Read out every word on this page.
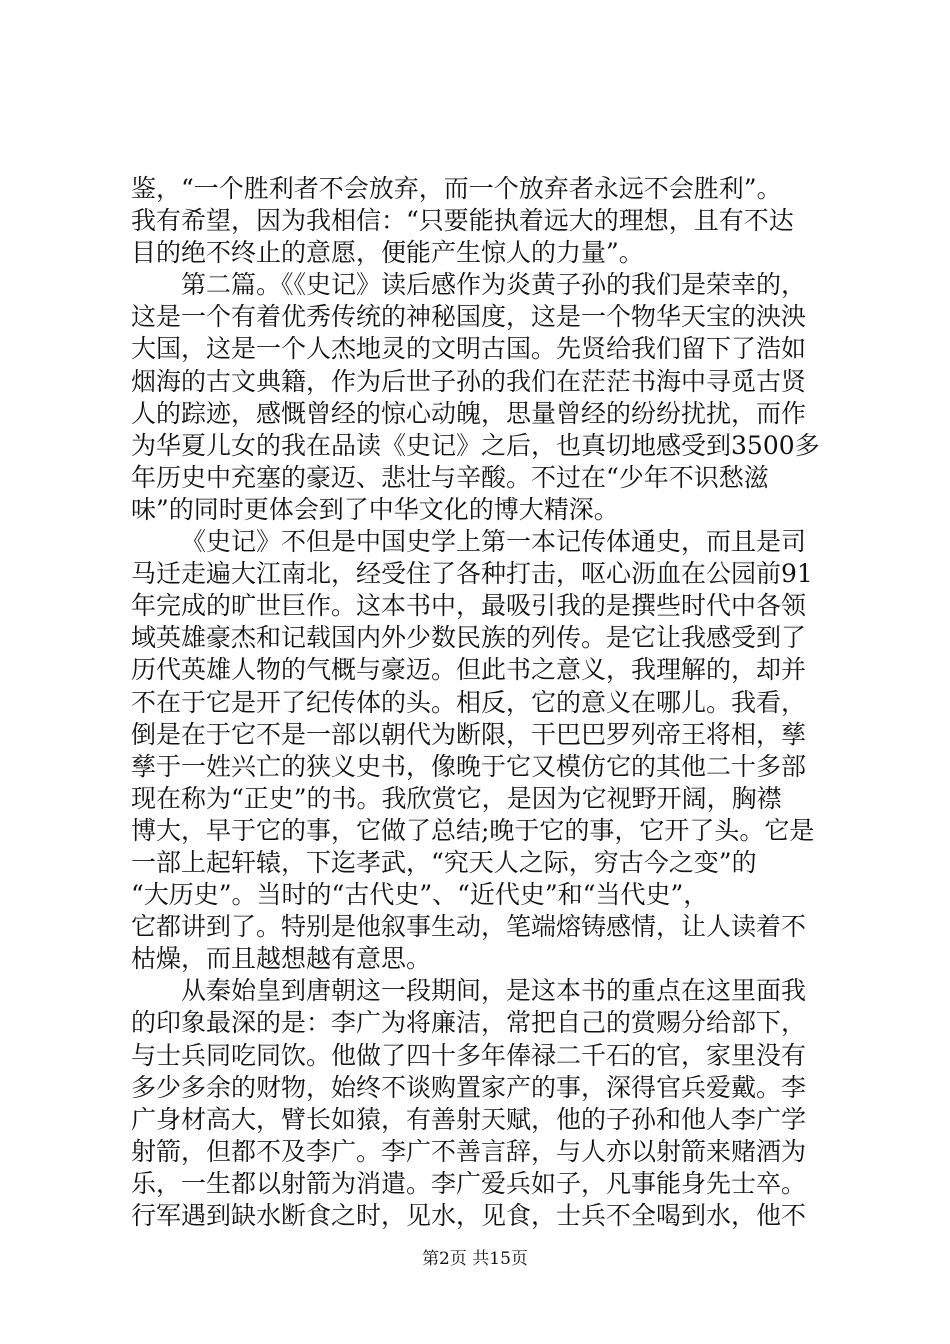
鉴，“一个胜利者不会放弃，而一个放弃者永远不会胜利”。
我有希望，因为我相信：“只要能执着远大的理想，且有不达
目的绝不终止的意愿，便能产生惊人的力量”。
第二篇。《《史记》读后感作为炎黄子孙的我们是荣幸的，
这是一个有着优秀传统的神秘国度，这是一个物华天宝的泱泱
大国，这是一个人杰地灵的文明古国。先贤给我们留下了浩如
烟海的古文典籍，作为后世子孙的我们在茫茫书海中寻觅古贤
人的踪迹，感慨曾经的惊心动魄，思量曾经的纷纷扰扰，而作
为华夏儿女的我在品读《史记》之后，也真切地感受到3500多
年历史中充塞的豪迈、悲壮与辛酸。不过在“少年不识愁滋
味”的同时更体会到了中华文化的博大精深。
《史记》不但是中国史学上第一本记传体通史，而且是司
马迁走遍大江南北，经受住了各种打击，呕心沥血在公园前91
年完成的旷世巨作。这本书中，最吸引我的是撰些时代中各领
域英雄豪杰和记载国内外少数民族的列传。是它让我感受到了
历代英雄人物的气概与豪迈。但此书之意义，我理解的，却并
不在于它是开了纪传体的头。相反，它的意义在哪儿。我看，
倒是在于它不是一部以朝代为断限，干巴巴罗列帝王将相，孳
孳于一姓兴亡的狭义史书，像晚于它又模仿它的其他二十多部
现在称为“正史”的书。我欣赏它，是因为它视野开阔，胸襟
博大，早于它的事，它做了总结;晚于它的事，它开了头。它是
一部上起轩辕，下迄孝武，“究天人之际，穷古今之变”的
“大历史”。当时的“古代史”、“近代史”和“当代史”，
它都讲到了。特别是他叙事生动，笔端熔铸感情，让人读着不
枯燥，而且越想越有意思。
从秦始皇到唐朝这一段期间，是这本书的重点在这里面我
的印象最深的是：李广为将廉洁，常把自己的赏赐分给部下，
与士兵同吃同饮。他做了四十多年俸禄二千石的官，家里没有
多少多余的财物，始终不谈购置家产的事，深得官兵爱戴。李
广身材高大，臂长如猿，有善射天赋，他的子孙和他人李广学
射箭，但都不及李广。李广不善言辞，与人亦以射箭来赌酒为
乐，一生都以射箭为消遣。李广爱兵如子，凡事能身先士卒。
行军遇到缺水断食之时，见水，见食，士兵不全喝到水，他不
第2页 共15页
